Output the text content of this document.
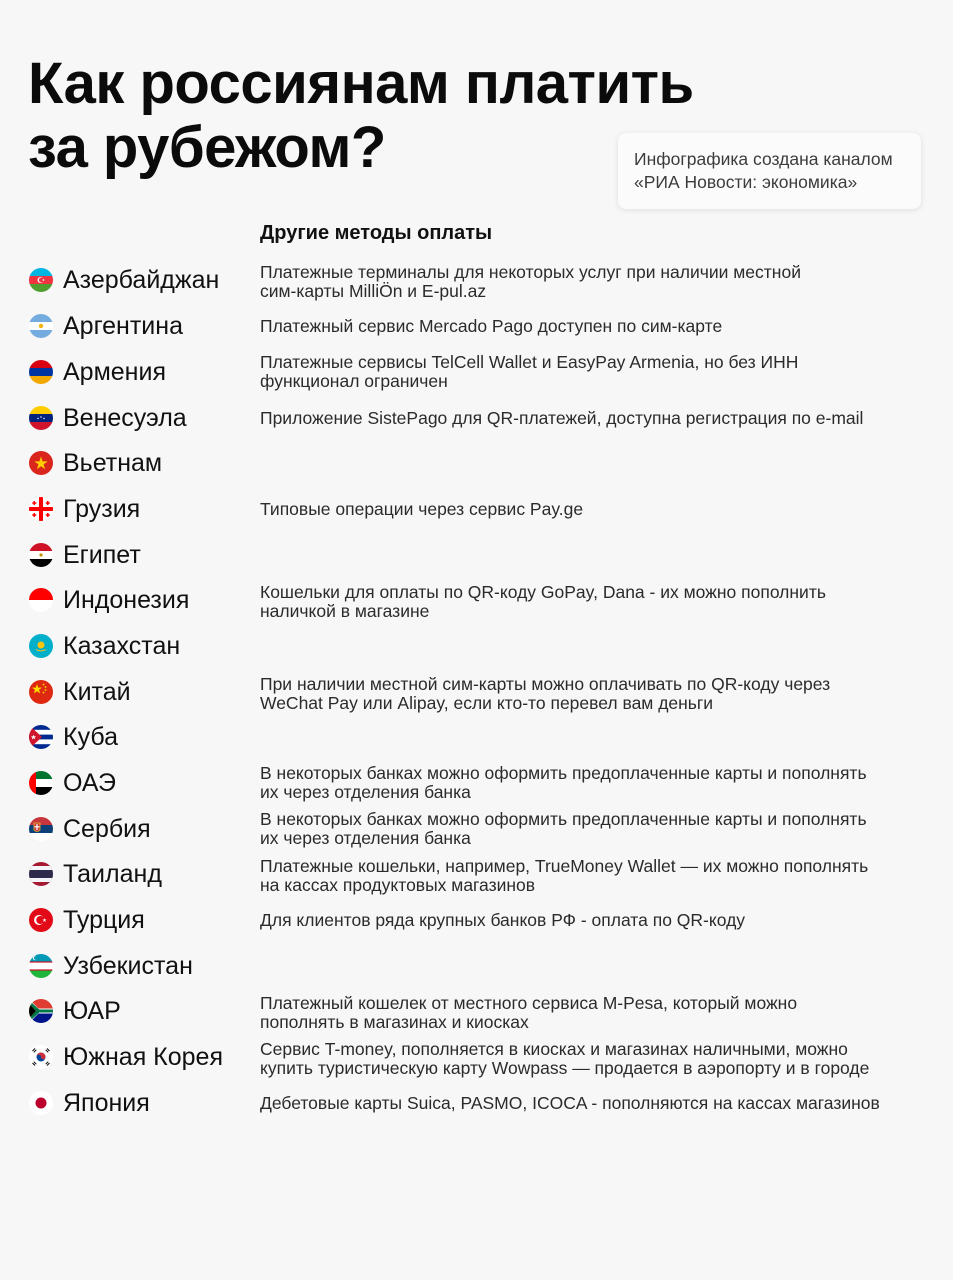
Как россиянам платить
за рубежом?	Инфографика создана каналом
«РИА Новости: экономика»
Другие методы оплаты
Азербайджан Платежные терминалы для некоторых услуг при наличии местной
сим-карты MilliÖn и E-pul.az
Аргентина	Платежный сервис Mercado Pago доступен по сим-карте
Армения	Платежные сервисы TelCell Wallet и EasyPay Armenia, но без ИНН
функционал ограничен
Венесуэла	Приложение SistePago для QR-платежей, доступна регистрация по e-mail
Вьетнам
Грузия	Типовые операции через сервис Pay.ge
Египет
Индонезия	Кошельки для оплаты по QR-коду GoPay, Dana - их можно пополнить
наличкой в магазине
Казахстан
Китай	При наличии местной сим-карты можно оплачивать по QR-коду через
WeChat Pay или Alipay, если кто-то перевел вам деньги
Куба
ОАЭ	В некоторых банках можно оформить предоплаченные карты и пополнять
их через отделения банка
Сербия	В некоторых банках можно оформить предоплаченные карты и пополнять
их через отделения банка
Таиланд	Платежные кошельки, например, TrueMoney Wallet — их можно пополнять
на кассах продуктовых магазинов
Турция	Для клиентов ряда крупных банков РФ - оплата по QR-коду
Узбекистан
ЮАР	Платежный кошелек от местного сервиса M-Pesa, который можно
пополнять в магазинах и киосках
Южная Корея Сервис T-money, пополняется в киосках и магазинах наличными, можно
купить туристическую карту Wowpass — продается в аэропорту и в городе
Япония	Дебетовые карты Suica, PASMO, ICOCA - пополняются на кассах магазинов
